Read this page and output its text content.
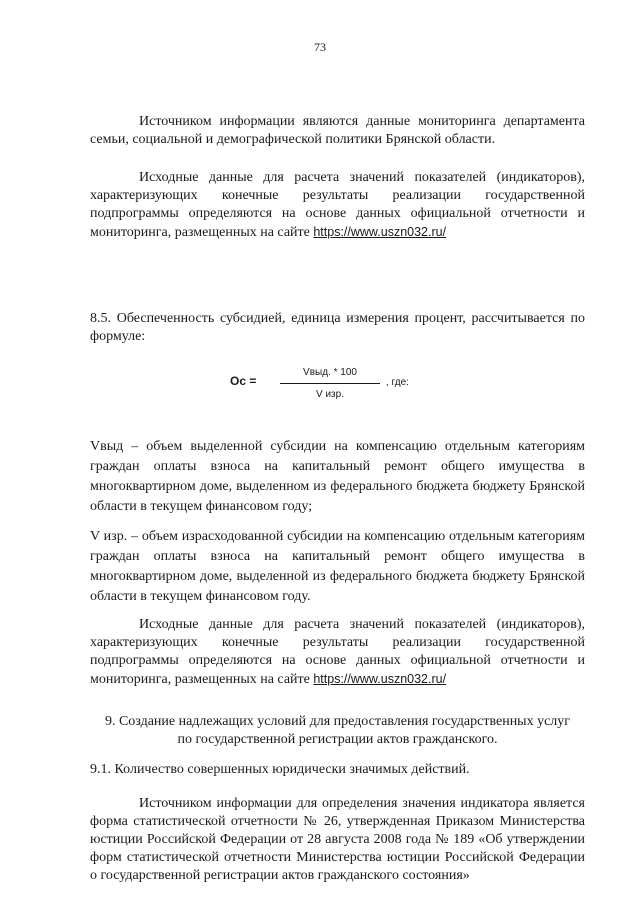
73

Источником информации являются данные мониторинга департамента семьи, социальной и демографической политики Брянской области.

Исходные данные для расчета значений показателей (индикаторов), характеризующих конечные результаты реализации государственной подпрограммы определяются на основе данных официальной отчетности и мониторинга, размещенных на сайте https://www.uszn032.ru/

8.5. Обеспеченность субсидией, единица измерения процент, рассчитывается по формуле:

Ос =
Vвыд. * 100
V изр.
, где:

Vвыд – объем выделенной субсидии на компенсацию отдельным категориям граждан оплаты взноса на капитальный ремонт общего имущества в многоквартирном доме, выделенном из федерального бюджета бюджету Брянской области в текущем финансовом году;

V изр. – объем израсходованной субсидии на компенсацию отдельным категориям граждан оплаты взноса на капитальный ремонт общего имущества в многоквартирном доме, выделенной из федерального бюджета бюджету Брянской области в текущем финансовом году.

Исходные данные для расчета значений показателей (индикаторов), характеризующих конечные результаты реализации государственной подпрограммы определяются на основе данных официальной отчетности и мониторинга, размещенных на сайте https://www.uszn032.ru/

9. Создание надлежащих условий для предоставления государственных услуг
по государственной регистрации актов гражданского.

9.1. Количество совершенных юридически значимых действий.

Источником информации для определения значения индикатора является форма статистической отчетности № 26, утвержденная Приказом Министерства юстиции Российской Федерации от 28 августа 2008 года № 189 «Об утверждении форм статистической отчетности Министерства юстиции Российской Федерации о государственной регистрации актов гражданского состояния»
